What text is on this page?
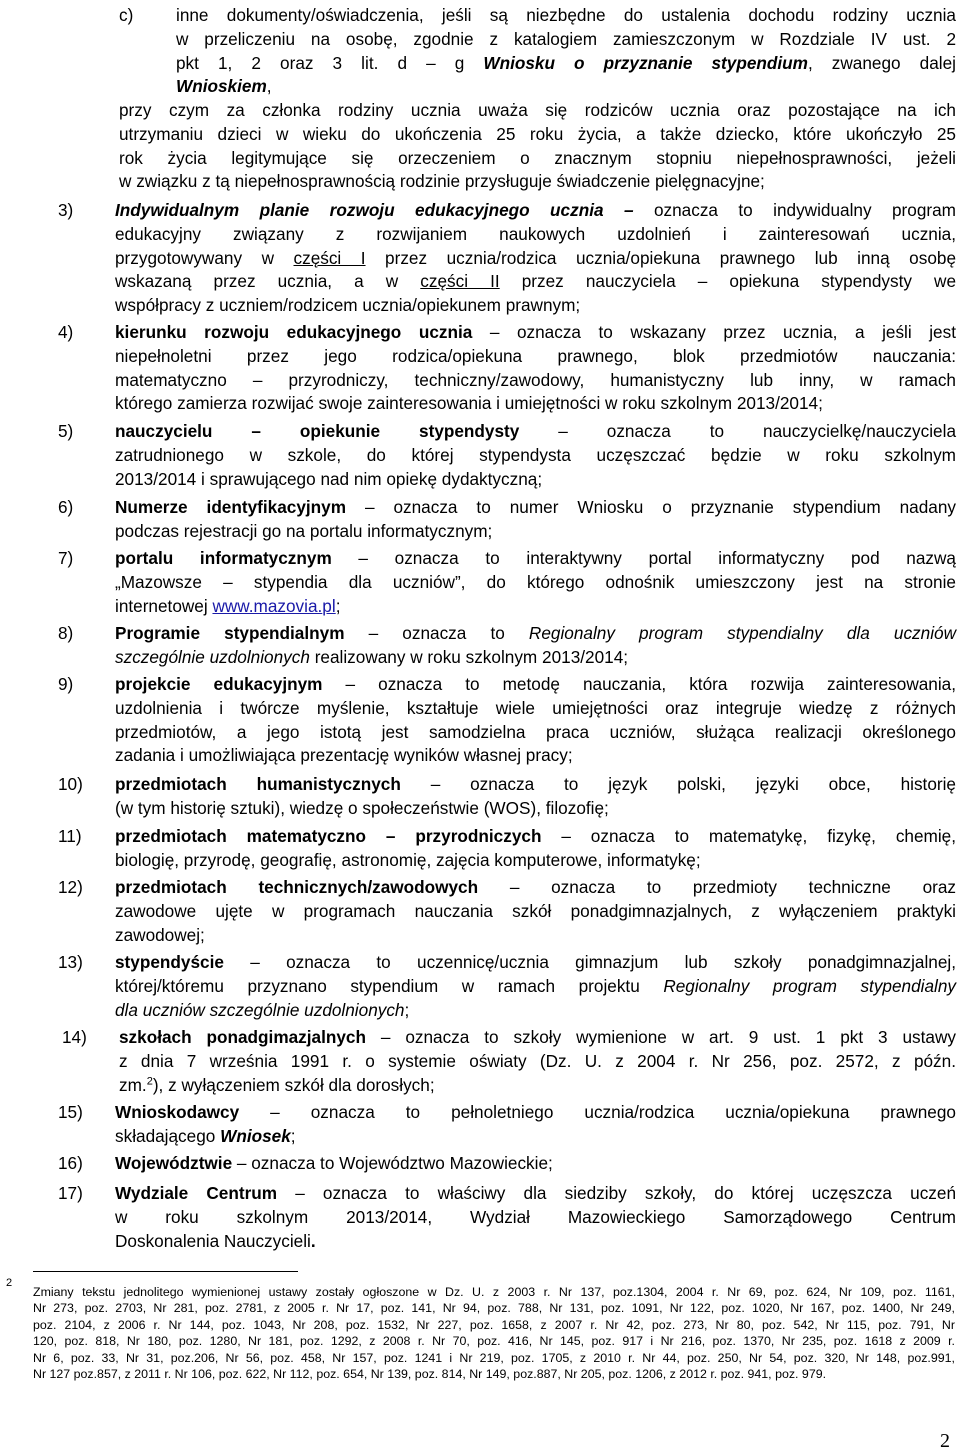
c) inne dokumenty/oświadczenia, jeśli są niezbędne do ustalenia dochodu rodziny ucznia
w przeliczeniu na osobę, zgodnie z katalogiem zamieszczonym w Rozdziale IV ust. 2
pkt 1, 2 oraz 3 lit. d – g Wniosku o przyznanie stypendium, zwanego dalej
Wnioskiem,
przy czym za członka rodziny ucznia uważa się rodziców ucznia oraz pozostające na ich
utrzymaniu dzieci w wieku do ukończenia 25 roku życia, a także dziecko, które ukończyło 25
rok życia legitymujące się orzeczeniem o znacznym stopniu niepełnosprawności, jeżeli
w związku z tą niepełnosprawnością rodzinie przysługuje świadczenie pielęgnacyjne;
3) Indywidualnym planie rozwoju edukacyjnego ucznia – oznacza to indywidualny program
edukacyjny związany z rozwijaniem naukowych uzdolnień i zainteresowań ucznia,
przygotowywany w części I przez ucznia/rodzica ucznia/opiekuna prawnego lub inną osobę
wskazaną przez ucznia, a w części II przez nauczyciela – opiekuna stypendysty we
współpracy z uczniem/rodzicem ucznia/opiekunem prawnym;
4) kierunku rozwoju edukacyjnego ucznia – oznacza to wskazany przez ucznia, a jeśli jest
niepełnoletni przez jego rodzica/opiekuna prawnego, blok przedmiotów nauczania:
matematyczno – przyrodniczy, techniczny/zawodowy, humanistyczny lub inny, w ramach
którego zamierza rozwijać swoje zainteresowania i umiejętności w roku szkolnym 2013/2014;
5) nauczycielu – opiekunie stypendysty – oznacza to nauczycielkę/nauczyciela
zatrudnionego w szkole, do której stypendysta uczęszczać będzie w roku szkolnym
2013/2014 i sprawującego nad nim opiekę dydaktyczną;
6) Numerze identyfikacyjnym – oznacza to numer Wniosku o przyznanie stypendium nadany
podczas rejestracji go na portalu informatycznym;
7) portalu informatycznym – oznacza to interaktywny portal informatyczny pod nazwą
„Mazowsze – stypendia dla uczniów”, do którego odnośnik umieszczony jest na stronie
internetowej www.mazovia.pl;
8) Programie stypendialnym – oznacza to Regionalny program stypendialny dla uczniów
szczególnie uzdolnionych realizowany w roku szkolnym 2013/2014;
9) projekcie edukacyjnym – oznacza to metodę nauczania, która rozwija zainteresowania,
uzdolnienia i twórcze myślenie, kształtuje wiele umiejętności oraz integruje wiedzę z różnych
przedmiotów, a jego istotą jest samodzielna praca uczniów, służąca realizacji określonego
zadania i umożliwiająca prezentację wyników własnej pracy;
10) przedmiotach humanistycznych – oznacza to język polski, języki obce, historię
(w tym historię sztuki), wiedzę o społeczeństwie (WOS), filozofię;
11) przedmiotach matematyczno – przyrodniczych – oznacza to matematykę, fizykę, chemię,
biologię, przyrodę, geografię, astronomię, zajęcia komputerowe, informatykę;
12) przedmiotach technicznych/zawodowych – oznacza to przedmioty techniczne oraz
zawodowe ujęte w programach nauczania szkół ponadgimnazjalnych, z wyłączeniem praktyki
zawodowej;
13) stypendyście – oznacza to uczennicę/ucznia gimnazjum lub szkoły ponadgimnazjalnej,
której/któremu przyznano stypendium w ramach projektu Regionalny program stypendialny
dla uczniów szczególnie uzdolnionych;
14) szkołach ponadgimazjalnych – oznacza to szkoły wymienione w art. 9 ust. 1 pkt 3 ustawy
z dnia 7 września 1991 r. o systemie oświaty (Dz. U. z 2004 r. Nr 256, poz. 2572, z późn.
zm.$^2$), z wyłączeniem szkół dla dorosłych;
15) Wnioskodawcy – oznacza to pełnoletniego ucznia/rodzica ucznia/opiekuna prawnego
składającego Wniosek;
16) Województwie – oznacza to Województwo Mazowieckie;
17) Wydziale Centrum – oznacza to właściwy dla siedziby szkoły, do której uczęszcza uczeń
w roku szkolnym 2013/2014, Wydział Mazowieckiego Samorządowego Centrum
Doskonalenia Nauczycieli.
2
Zmiany tekstu jednolitego wymienionej ustawy zostały ogłoszone w Dz. U. z 2003 r. Nr 137, poz.1304, 2004 r. Nr 69, poz. 624, Nr 109, poz. 1161,
Nr 273, poz. 2703, Nr 281, poz. 2781, z 2005 r. Nr 17, poz. 141, Nr 94, poz. 788, Nr 131, poz. 1091, Nr 122, poz. 1020, Nr 167, poz. 1400, Nr 249,
poz. 2104, z 2006 r. Nr 144, poz. 1043, Nr 208, poz. 1532, Nr 227, poz. 1658, z 2007 r. Nr 42, poz. 273, Nr 80, poz. 542, Nr 115, poz. 791, Nr
120, poz. 818, Nr 180, poz. 1280, Nr 181, poz. 1292, z 2008 r. Nr 70, poz. 416, Nr 145, poz. 917 i Nr 216, poz. 1370, Nr 235, poz. 1618 z 2009 r.
Nr 6, poz. 33, Nr 31, poz.206, Nr 56, poz. 458, Nr 157, poz. 1241 i Nr 219, poz. 1705, z 2010 r. Nr 44, poz. 250, Nr 54, poz. 320, Nr 148, poz.991,
Nr 127 poz.857, z 2011 r. Nr 106, poz. 622, Nr 112, poz. 654, Nr 139, poz. 814, Nr 149, poz.887, Nr 205, poz. 1206, z 2012 r. poz. 941, poz. 979.
2
